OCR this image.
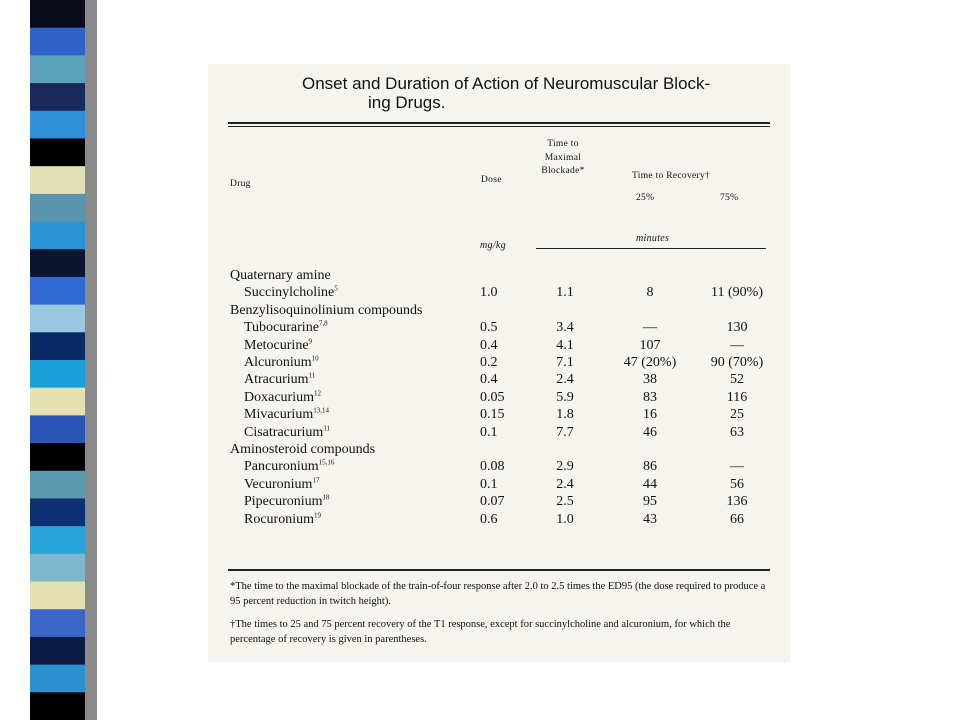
Onset and Duration of Action of Neuromuscular Block-
ing Drugs.
Drug	Dose
Time to
Maximal
Blockade*	Time to Recovery†
25%	75%
mg/kg
minutes
Quaternary amine
Succinylcholine$^5$	1.0	1.1	8	11 (90%)
Benzylisoquinolinium compounds
Tubocurarine$^{7,8}$	0.5	3.4	—	130
Metocurine$^9$	0.4	4.1	107	—
Alcuronium$^{10}$	0.2	7.1	47 (20%)	90 (70%)
Atracurium$^{11}$	0.4	2.4	38	52
Doxacurium$^{12}$	0.05	5.9	83	116
Mivacurium$^{13,14}$	0.15	1.8	16	25
Cisatracurium$^{11}$	0.1	7.7	46	63
Aminosteroid compounds
Pancuronium$^{15,16}$	0.08	2.9	86	—
Vecuronium$^{17}$	0.1	2.4	44	56
Pipecuronium$^{18}$	0.07	2.5	95	136
Rocuronium$^{19}$	0.6	1.0	43	66
*The time to the maximal blockade of the train-of-four response after 2.0 to 2.5 times the ED95 (the dose required to produce a 95 percent reduction in twitch height).
†The times to 25 and 75 percent recovery of the T1 response, except for succinylcholine and alcuronium, for which the percentage of recovery is given in parentheses.
